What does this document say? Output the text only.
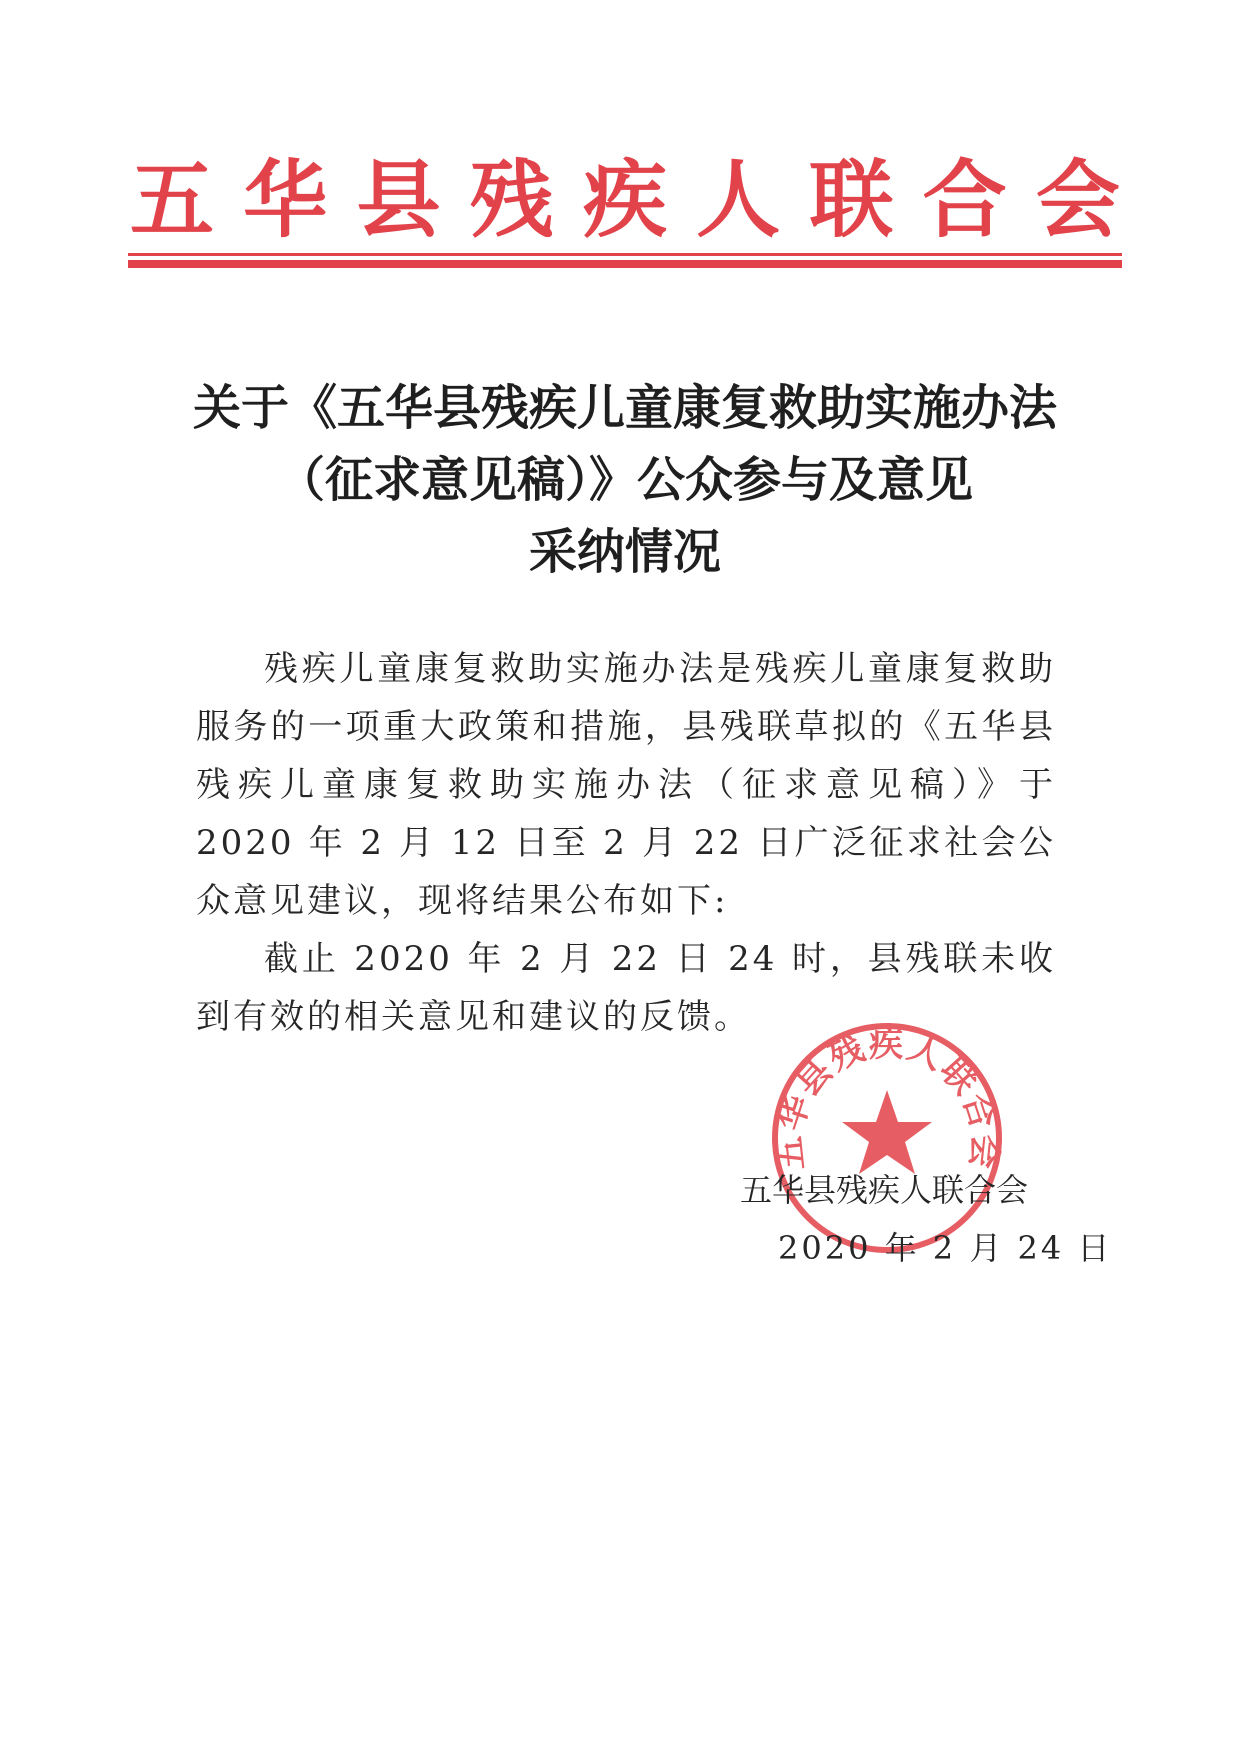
五 华 县 残 疾 人 联 合 会
关于《五华县残疾儿童康复救助实施办法
（征求意见稿）》公众参与及意见
采纳情况

残疾儿童康复救助实施办法是残疾儿童康复救助服务的一项重大政策和措施，县残联草拟的《五华县残疾儿童康复救助实施办法（征求意见稿）》于 2020 年 2 月 12 日至 2 月 22 日广泛征求社会公众意见建议，现将结果公布如下:

截止 2020 年 2 月 22 日 24 时，县残联未收到有效的相关意见和建议的反馈。

五华县残疾人联合会
五华县残疾人联合会
2020 年 2 月 24 日
